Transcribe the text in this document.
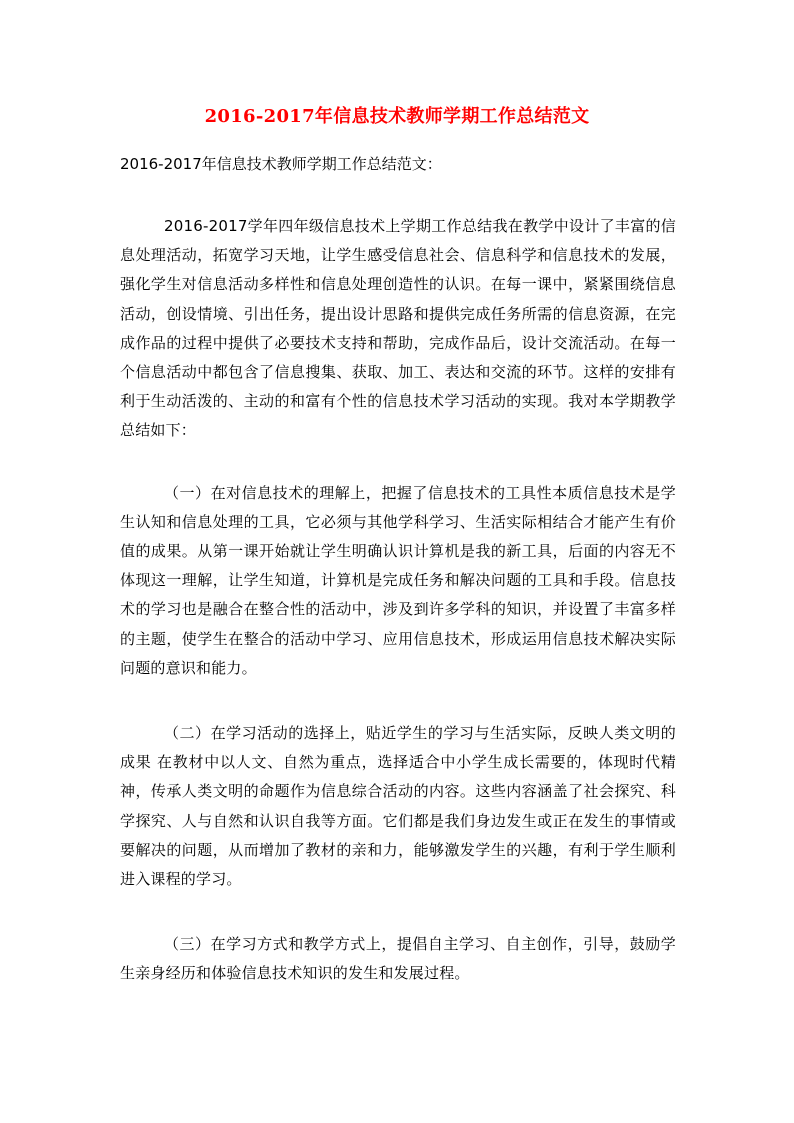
2016-2017年信息技术教师学期工作总结范文

2016-2017年信息技术教师学期工作总结范文：

2016-2017学年四年级信息技术上学期工作总结我在教学中设计了丰富的信息处理活动，拓宽学习天地，让学生感受信息社会、信息科学和信息技术的发展，强化学生对信息活动多样性和信息处理创造性的认识。在每一课中，紧紧围绕信息活动，创设情境、引出任务，提出设计思路和提供完成任务所需的信息资源，在完成作品的过程中提供了必要技术支持和帮助，完成作品后，设计交流活动。在每一个信息活动中都包含了信息搜集、获取、加工、表达和交流的环节。这样的安排有利于生动活泼的、主动的和富有个性的信息技术学习活动的实现。我对本学期教学总结如下：

（一）在对信息技术的理解上，把握了信息技术的工具性本质信息技术是学生认知和信息处理的工具，它必须与其他学科学习、生活实际相结合才能产生有价值的成果。从第一课开始就让学生明确认识计算机是我的新工具，后面的内容无不体现这一理解，让学生知道，计算机是完成任务和解决问题的工具和手段。信息技术的学习也是融合在整合性的活动中，涉及到许多学科的知识，并设置了丰富多样的主题，使学生在整合的活动中学习、应用信息技术，形成运用信息技术解决实际问题的意识和能力。

（二）在学习活动的选择上，贴近学生的学习与生活实际，反映人类文明的成果 在教材中以人文、自然为重点，选择适合中小学生成长需要的，体现时代精神，传承人类文明的命题作为信息综合活动的内容。这些内容涵盖了社会探究、科学探究、人与自然和认识自我等方面。它们都是我们身边发生或正在发生的事情或要解决的问题，从而增加了教材的亲和力，能够激发学生的兴趣，有利于学生顺利进入课程的学习。

（三）在学习方式和教学方式上，提倡自主学习、自主创作，引导，鼓励学生亲身经历和体验信息技术知识的发生和发展过程。
